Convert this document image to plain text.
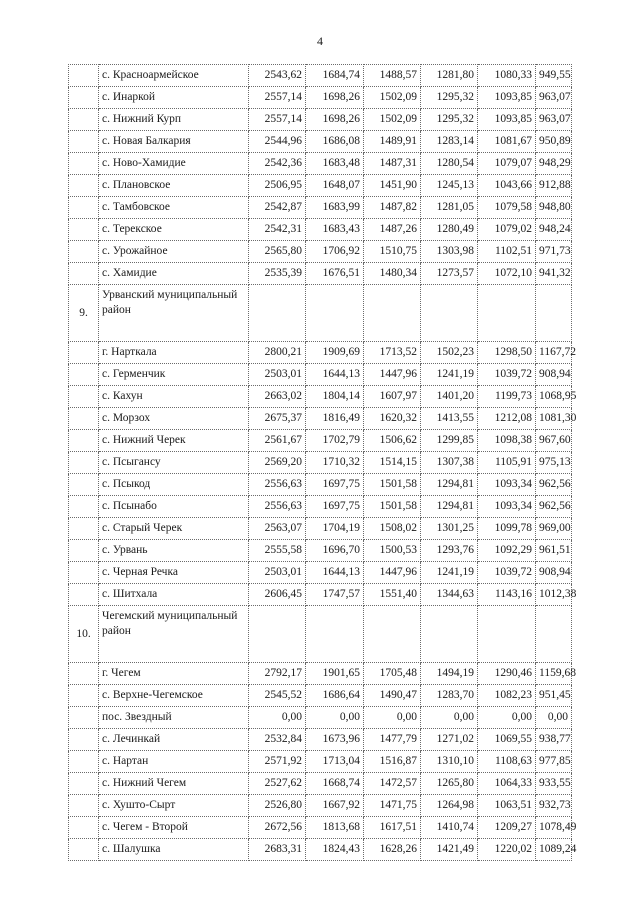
4
	с. Красноармейское	2543,62	1684,74	1488,57	1281,80	1080,33	949,55
	с. Инаркой	2557,14	1698,26	1502,09	1295,32	1093,85	963,07
	с. Нижний Курп	2557,14	1698,26	1502,09	1295,32	1093,85	963,07
	с. Новая Балкария	2544,96	1686,08	1489,91	1283,14	1081,67	950,89
	с. Ново-Хамидие	2542,36	1683,48	1487,31	1280,54	1079,07	948,29
	с. Плановское	2506,95	1648,07	1451,90	1245,13	1043,66	912,88
	с. Тамбовское	2542,87	1683,99	1487,82	1281,05	1079,58	948,80
	с. Терекское	2542,31	1683,43	1487,26	1280,49	1079,02	948,24
	с. Урожайное	2565,80	1706,92	1510,75	1303,98	1102,51	971,73
	с. Хамидие	2535,39	1676,51	1480,34	1273,57	1072,10	941,32
9.	Урванский муниципальный район						
	г. Нарткала	2800,21	1909,69	1713,52	1502,23	1298,50	1167,72
	с. Герменчик	2503,01	1644,13	1447,96	1241,19	1039,72	908,94
	с. Кахун	2663,02	1804,14	1607,97	1401,20	1199,73	1068,95
	с. Морзох	2675,37	1816,49	1620,32	1413,55	1212,08	1081,30
	с. Нижний Черек	2561,67	1702,79	1506,62	1299,85	1098,38	967,60
	с. Псыгансу	2569,20	1710,32	1514,15	1307,38	1105,91	975,13
	с. Псыкод	2556,63	1697,75	1501,58	1294,81	1093,34	962,56
	с. Псынабо	2556,63	1697,75	1501,58	1294,81	1093,34	962,56
	с. Старый Черек	2563,07	1704,19	1508,02	1301,25	1099,78	969,00
	с. Урвань	2555,58	1696,70	1500,53	1293,76	1092,29	961,51
	с. Черная Речка	2503,01	1644,13	1447,96	1241,19	1039,72	908,94
	с. Шитхала	2606,45	1747,57	1551,40	1344,63	1143,16	1012,38
10.	Чегемский муниципальный район						
	г. Чегем	2792,17	1901,65	1705,48	1494,19	1290,46	1159,68
	с. Верхне-Чегемское	2545,52	1686,64	1490,47	1283,70	1082,23	951,45
	пос. Звездный	0,00	0,00	0,00	0,00	0,00	0,00
	с. Лечинкай	2532,84	1673,96	1477,79	1271,02	1069,55	938,77
	с. Нартан	2571,92	1713,04	1516,87	1310,10	1108,63	977,85
	с. Нижний Чегем	2527,62	1668,74	1472,57	1265,80	1064,33	933,55
	с. Хушто-Сырт	2526,80	1667,92	1471,75	1264,98	1063,51	932,73
	с. Чегем - Второй	2672,56	1813,68	1617,51	1410,74	1209,27	1078,49
	с. Шалушка	2683,31	1824,43	1628,26	1421,49	1220,02	1089,24
